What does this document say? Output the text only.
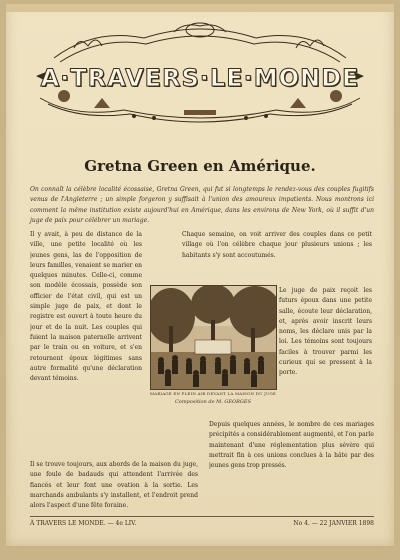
A·TRAVERS·LE·MONDE
Gretna Green en Amérique.

On connaît la célèbre localité écossaise, Gretna Green, qui fut si longtemps le rendez-vous des couples fugitifs venus de l'Angleterre ; un simple forgeron y suffisait à l'union des amoureux impatients. Nous montrons ici comment la même institution existe aujourd'hui en Amérique, dans les environs de New York, où il suffit d'un juge de paix pour célébrer un mariage.

Il y avait, à peu de distance de la ville, une petite localité où les jeunes gens, las de l'opposition de leurs familles, venaient se marier en quelques minutes. Celle-ci, comme son modèle écossais, possède son officier de l'état civil, qui est un simple juge de paix, et dont le registre est ouvert à toute heure du jour et de la nuit. Les couples qui fuient la maison paternelle arrivent par le train ou en voiture, et s'en retournent époux légitimes sans autre formalité qu'une déclaration devant témoins.

Chaque semaine, on voit arriver des couples dans ce petit village où l'on célèbre chaque jour plusieurs unions ; les habitants s'y sont accoutumés.

Le juge de paix reçoit les futurs époux dans une petite salle, écoute leur déclaration, et, après avoir inscrit leurs noms, les déclare unis par la loi. Les témoins sont toujours faciles à trouver parmi les curieux qui se pressent à la porte.

MARIAGE EN PLEIN AIR DEVANT LA MAISON DU JUGE
Composition de M. GEORGES

Il se trouve toujours, aux abords de la maison du juge, une foule de badauds qui attendent l'arrivée des fiancés et leur font une ovation à la sortie. Les marchands ambulants s'y installent, et l'endroit prend alors l'aspect d'une fête foraine.

Depuis quelques années, le nombre de ces mariages précipités a considérablement augmenté, et l'on parle maintenant d'une réglementation plus sévère qui mettrait fin à ces unions conclues à la hâte par des jeunes gens trop pressés.

À TRAVERS LE MONDE. — 4e LIV.	No 4. — 22 JANVIER 1898
